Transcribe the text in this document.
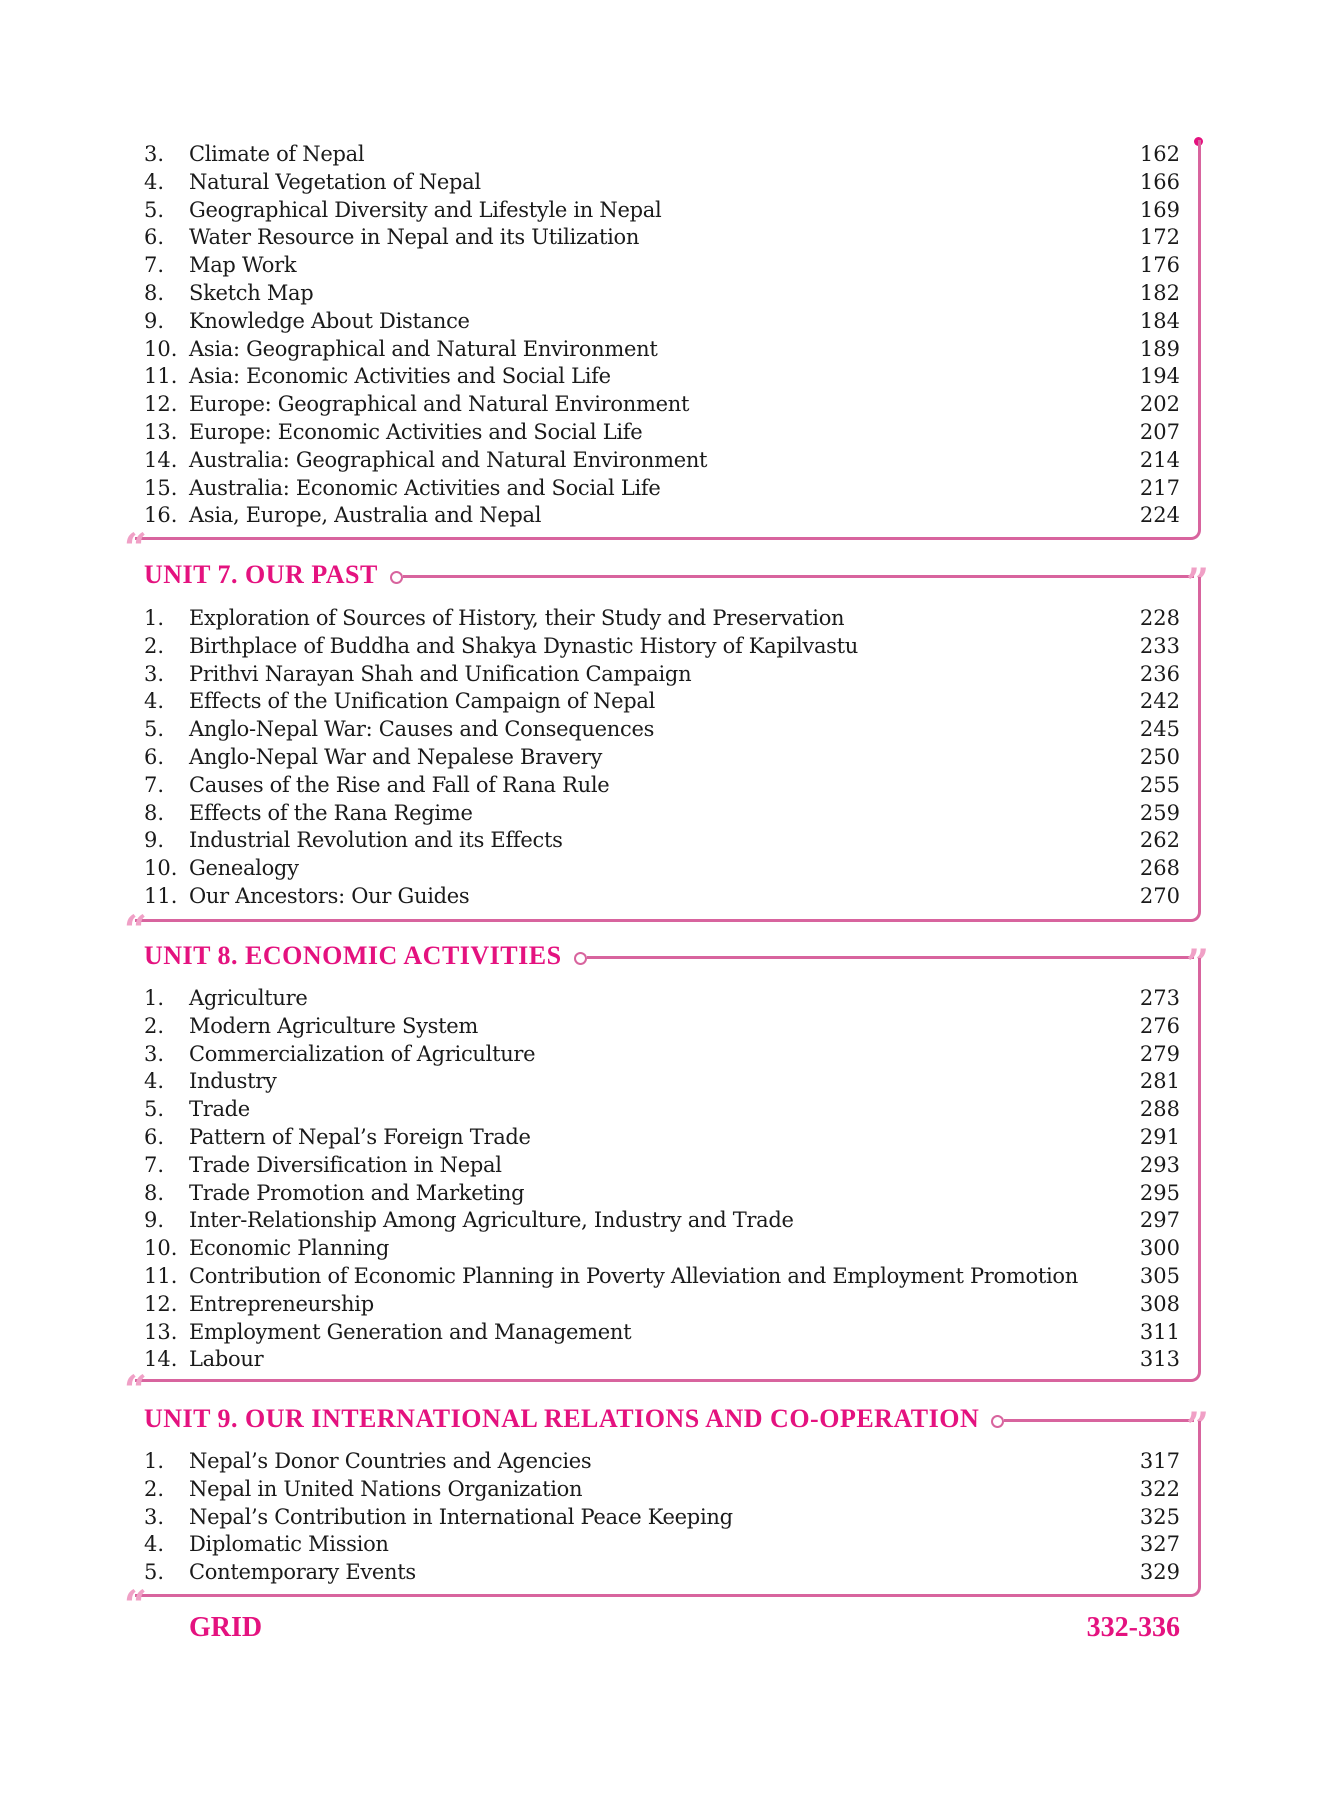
3. Climate of Nepal	162
4. Natural Vegetation of Nepal	166
5. Geographical Diversity and Lifestyle in Nepal	169
6. Water Resource in Nepal and its Utilization	172
7. Map Work	176
8. Sketch Map	182
9. Knowledge About Distance	184
10. Asia: Geographical and Natural Environment	189
11. Asia: Economic Activities and Social Life	194
12. Europe: Geographical and Natural Environment	202
13. Europe: Economic Activities and Social Life	207
14. Australia: Geographical and Natural Environment	214
15. Australia: Economic Activities and Social Life	217
16. Asia, Europe, Australia and Nepal	224
“
UNIT 7. OUR PAST	”
1. Exploration of Sources of History, their Study and Preservation	228
2. Birthplace of Buddha and Shakya Dynastic History of Kapilvastu	233
3. Prithvi Narayan Shah and Unification Campaign	236
4. Effects of the Unification Campaign of Nepal	242
5. Anglo-Nepal War: Causes and Consequences	245
6. Anglo-Nepal War and Nepalese Bravery	250
7. Causes of the Rise and Fall of Rana Rule	255
8. Effects of the Rana Regime	259
9. Industrial Revolution and its Effects	262
10. Genealogy	268
11. Our Ancestors: Our Guides	270
“
UNIT 8. ECONOMIC ACTIVITIES	”
1. Agriculture	273
2. Modern Agriculture System	276
3. Commercialization of Agriculture	279
4. Industry	281
5. Trade	288
6. Pattern of Nepal’s Foreign Trade	291
7. Trade Diversification in Nepal	293
8. Trade Promotion and Marketing	295
9. Inter-Relationship Among Agriculture, Industry and Trade	297
10. Economic Planning	300
11. Contribution of Economic Planning in Poverty Alleviation and Employment Promotion	305
12. Entrepreneurship	308
13. Employment Generation and Management	311
14. Labour	313
“
UNIT 9. OUR INTERNATIONAL RELATIONS AND CO-OPERATION	”
1. Nepal’s Donor Countries and Agencies	317
2. Nepal in United Nations Organization	322
3. Nepal’s Contribution in International Peace Keeping	325
4. Diplomatic Mission	327
5. Contemporary Events	329
“ GRID	332-336
